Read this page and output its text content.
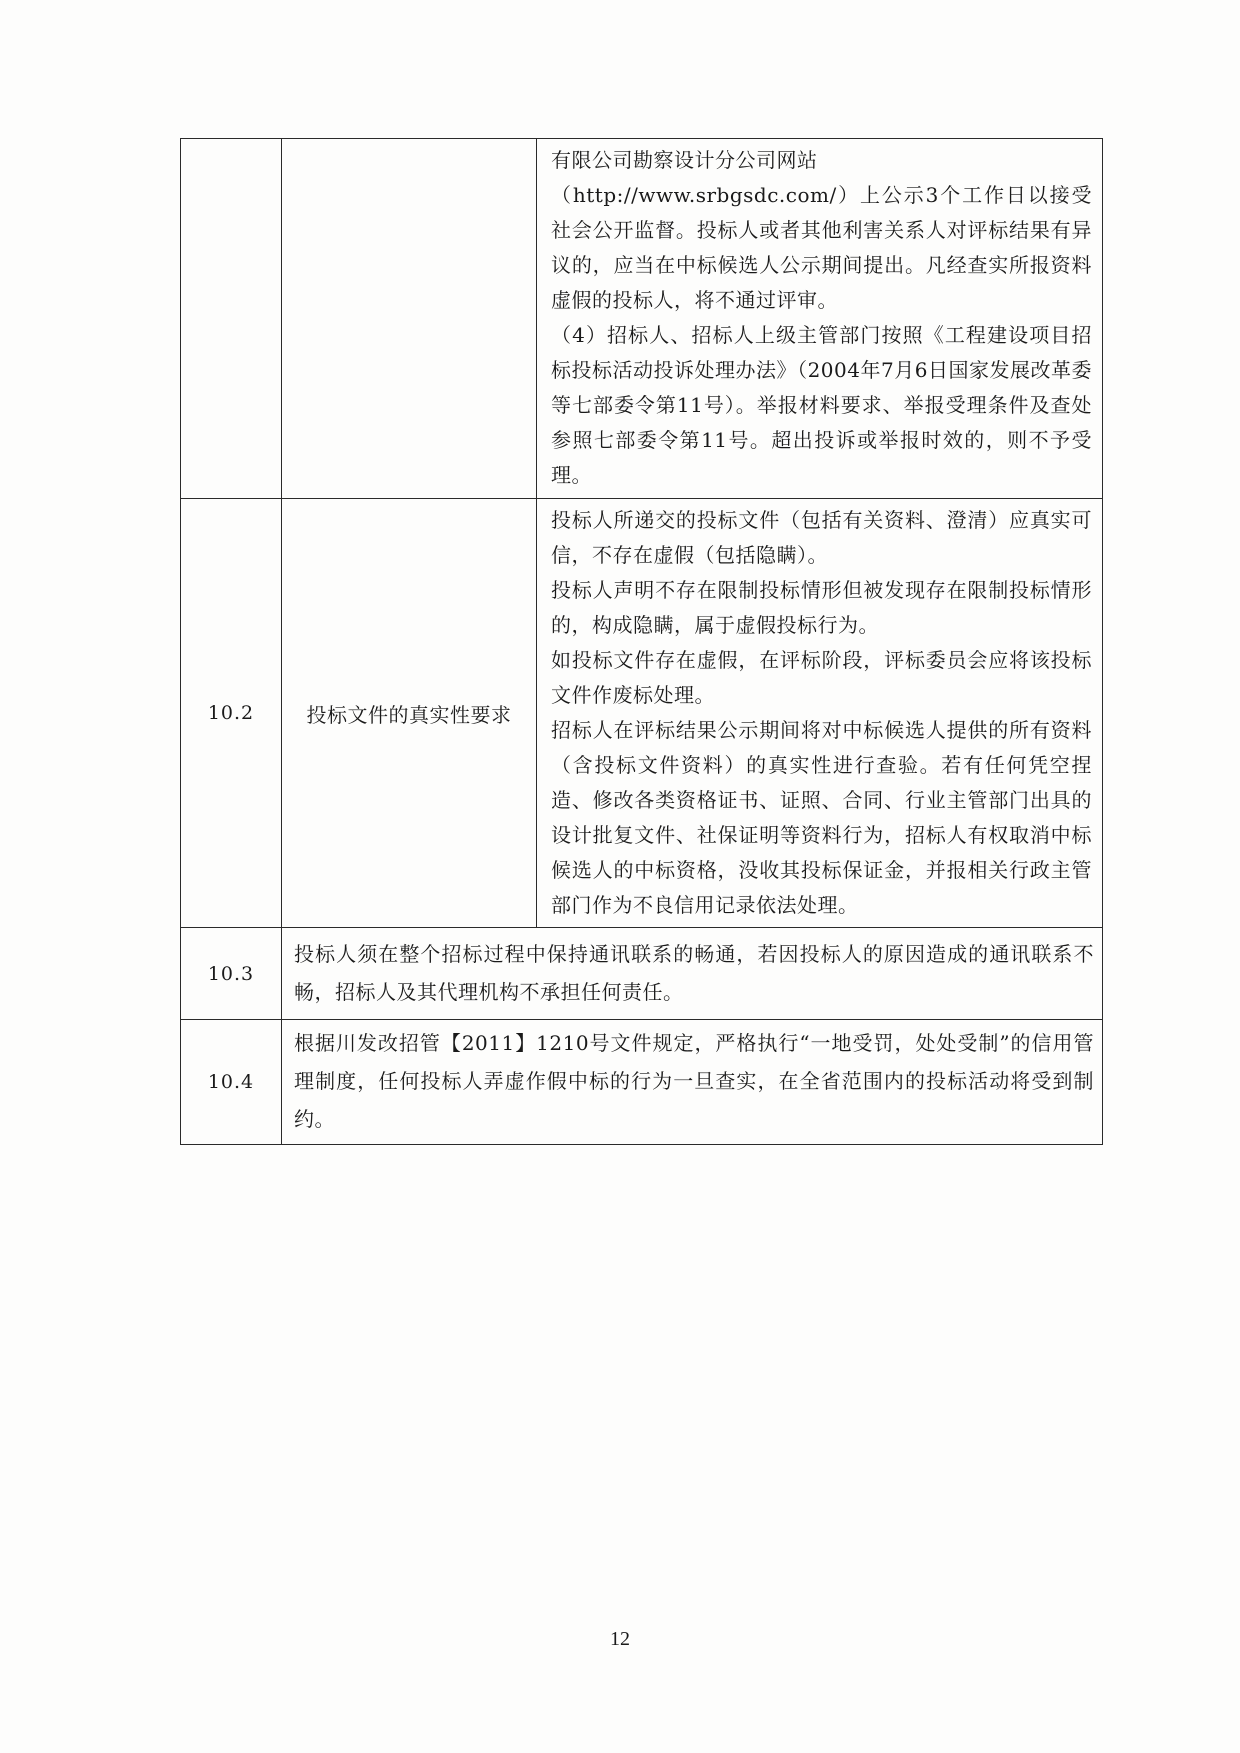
		有限公司勘察设计分公司网站

（http://www.srbgsdc.com/）上公示3个工作日以接受社会公开监督。投标人或者其他利害关系人对评标结果有异议的，应当在中标候选人公示期间提出。凡经查实所报资料虚假的投标人，将不通过评审。

（4）招标人、招标人上级主管部门按照《工程建设项目招标投标活动投诉处理办法》（2004年7月6日国家发展改革委等七部委令第11号）。举报材料要求、举报受理条件及查处参照七部委令第11号。超出投诉或举报时效的，则不予受理。

10.2	投标文件的真实性要求	投标人所递交的投标文件（包括有关资料、澄清）应真实可信，不存在虚假（包括隐瞒）。

投标人声明不存在限制投标情形但被发现存在限制投标情形的，构成隐瞒，属于虚假投标行为。

如投标文件存在虚假，在评标阶段，评标委员会应将该投标文件作废标处理。

招标人在评标结果公示期间将对中标候选人提供的所有资料（含投标文件资料）的真实性进行查验。若有任何凭空捏造、修改各类资格证书、证照、合同、行业主管部门出具的设计批复文件、社保证明等资料行为，招标人有权取消中标候选人的中标资格，没收其投标保证金，并报相关行政主管部门作为不良信用记录依法处理。

10.3	投标人须在整个招标过程中保持通讯联系的畅通，若因投标人的原因造成的通讯联系不畅，招标人及其代理机构不承担任何责任。	
10.4	根据川发改招管【2011】1210号文件规定，严格执行“一地受罚，处处受制”的信用管理制度，任何投标人弄虚作假中标的行为一旦查实，在全省范围内的投标活动将受到制约。	
12
